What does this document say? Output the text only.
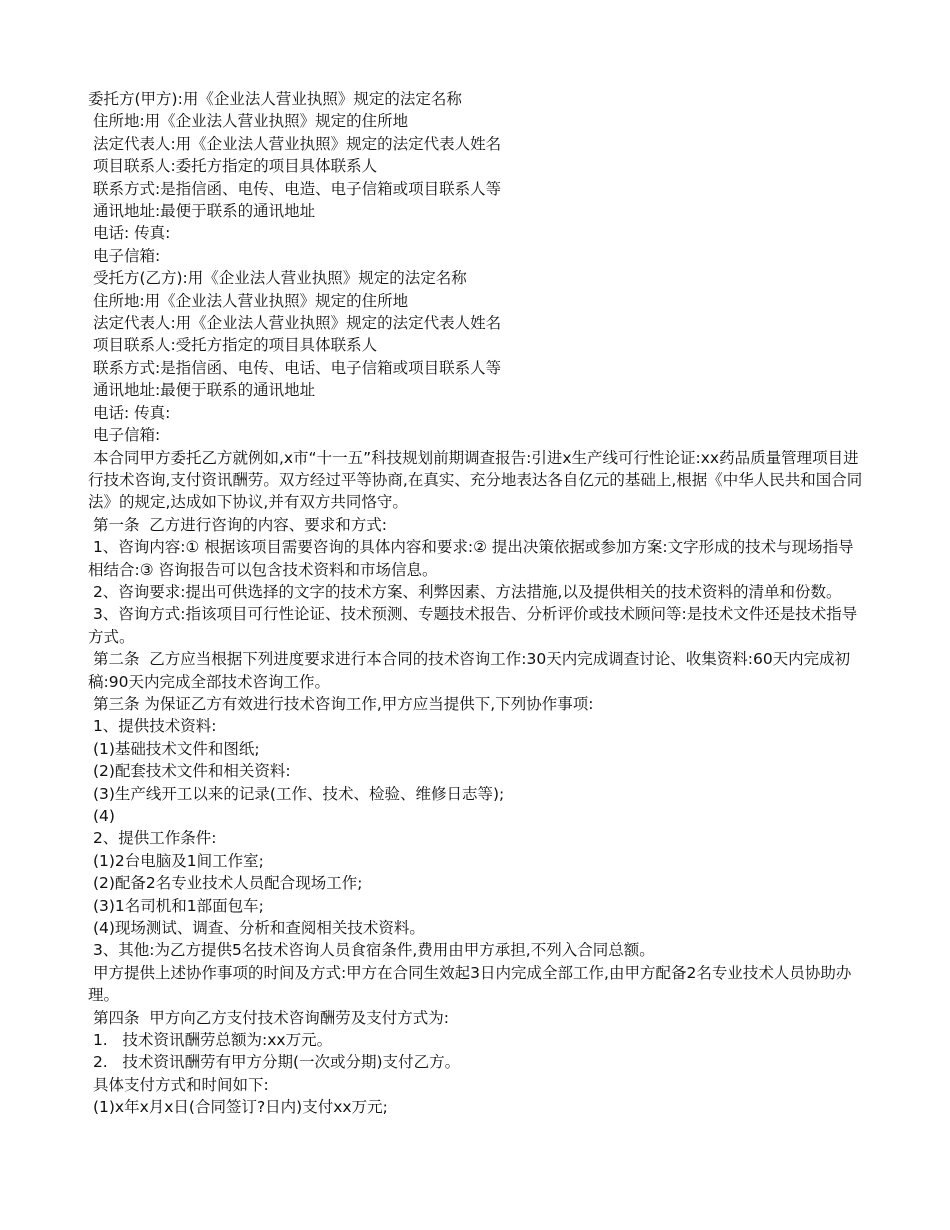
委托方(甲方):用《企业法人营业执照》规定的法定名称

住所地:用《企业法人营业执照》规定的住所地

法定代表人:用《企业法人营业执照》规定的法定代表人姓名

项目联系人:委托方指定的项目具体联系人

联系方式:是指信函、电传、电造、电子信箱或项目联系人等

通讯地址:最便于联系的通讯地址

电话: 传真:

电子信箱:

受托方(乙方):用《企业法人营业执照》规定的法定名称

住所地:用《企业法人营业执照》规定的住所地

法定代表人:用《企业法人营业执照》规定的法定代表人姓名

项目联系人:受托方指定的项目具体联系人

联系方式:是指信函、电传、电话、电子信箱或项目联系人等

通讯地址:最便于联系的通讯地址

电话: 传真:

电子信箱:

本合同甲方委托乙方就例如,x市“十一五”科技规划前期调查报告:引进x生产线可行性论证:xx药品质量管理项目进行技术咨询,支付资讯酬劳。双方经过平等协商,在真实、充分地表达各自亿元的基础上,根据《中华人民共和国合同法》的规定,达成如下协议,并有双方共同恪守。

第一条  乙方进行咨询的内容、要求和方式:

1、咨询内容:① 根据该项目需要咨询的具体内容和要求:② 提出决策依据或参加方案:文字形成的技术与现场指导相结合:③ 咨询报告可以包含技术资料和市场信息。

2、咨询要求:提出可供选择的文字的技术方案、利弊因素、方法措施,以及提供相关的技术资料的清单和份数。

3、咨询方式:指该项目可行性论证、技术预测、专题技术报告、分析评价或技术顾问等:是技术文件还是技术指导方式。

第二条  乙方应当根据下列进度要求进行本合同的技术咨询工作:30天内完成调查讨论、收集资料:60天内完成初稿:90天内完成全部技术咨询工作。

第三条 为保证乙方有效进行技术咨询工作,甲方应当提供下,下列协作事项:

1、提供技术资料:

(1)基础技术文件和图纸;

(2)配套技术文件和相关资料:

(3)生产线开工以来的记录(工作、技术、检验、维修日志等);

(4)

2、提供工作条件:

(1)2台电脑及1间工作室;

(2)配备2名专业技术人员配合现场工作;

(3)1名司机和1部面包车;

(4)现场测试、调查、分析和查阅相关技术资料。

3、其他:为乙方提供5名技术咨询人员食宿条件,费用由甲方承担,不列入合同总额。

甲方提供上述协作事项的时间及方式:甲方在合同生效起3日内完成全部工作,由甲方配备2名专业技术人员协助办理。

第四条  甲方向乙方支付技术咨询酬劳及支付方式为:

1.   技术资讯酬劳总额为:xx万元。

2.   技术资讯酬劳有甲方分期(一次或分期)支付乙方。

具体支付方式和时间如下:

(1)x年x月x日(合同签订?日内)支付xx万元;
